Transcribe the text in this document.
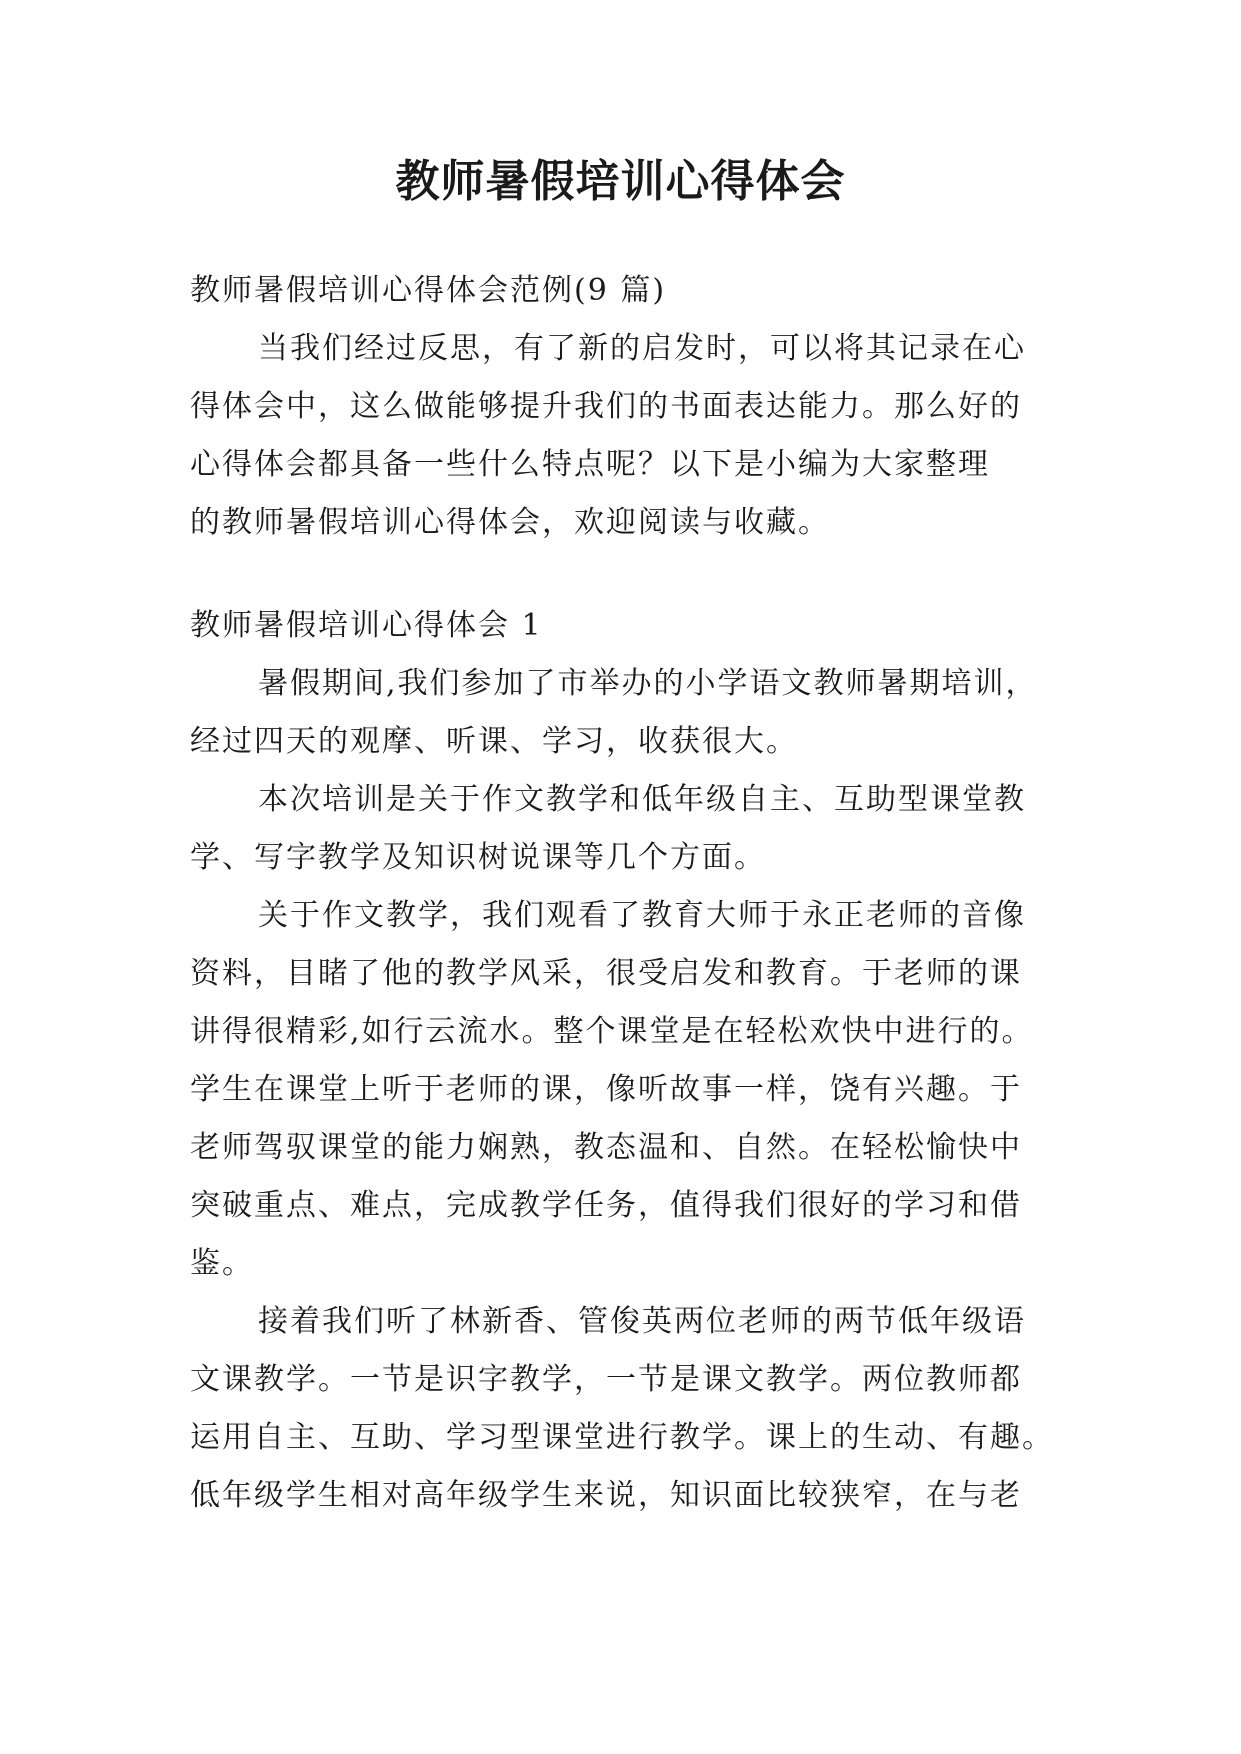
教师暑假培训心得体会
教师暑假培训心得体会范例(9 篇)
当我们经过反思，有了新的启发时，可以将其记录在心
得体会中，这么做能够提升我们的书面表达能力。那么好的
心得体会都具备一些什么特点呢？以下是小编为大家整理
的教师暑假培训心得体会，欢迎阅读与收藏。
教师暑假培训心得体会 1
暑假期间,我们参加了市举办的小学语文教师暑期培训，
经过四天的观摩、听课、学习，收获很大。
本次培训是关于作文教学和低年级自主、互助型课堂教
学、写字教学及知识树说课等几个方面。
关于作文教学，我们观看了教育大师于永正老师的音像
资料，目睹了他的教学风采，很受启发和教育。于老师的课
讲得很精彩,如行云流水。整个课堂是在轻松欢快中进行的。
学生在课堂上听于老师的课，像听故事一样，饶有兴趣。于
老师驾驭课堂的能力娴熟，教态温和、自然。在轻松愉快中
突破重点、难点，完成教学任务，值得我们很好的学习和借
鉴。
接着我们听了林新香、管俊英两位老师的两节低年级语
文课教学。一节是识字教学，一节是课文教学。两位教师都
运用自主、互助、学习型课堂进行教学。课上的生动、有趣。
低年级学生相对高年级学生来说，知识面比较狭窄，在与老
